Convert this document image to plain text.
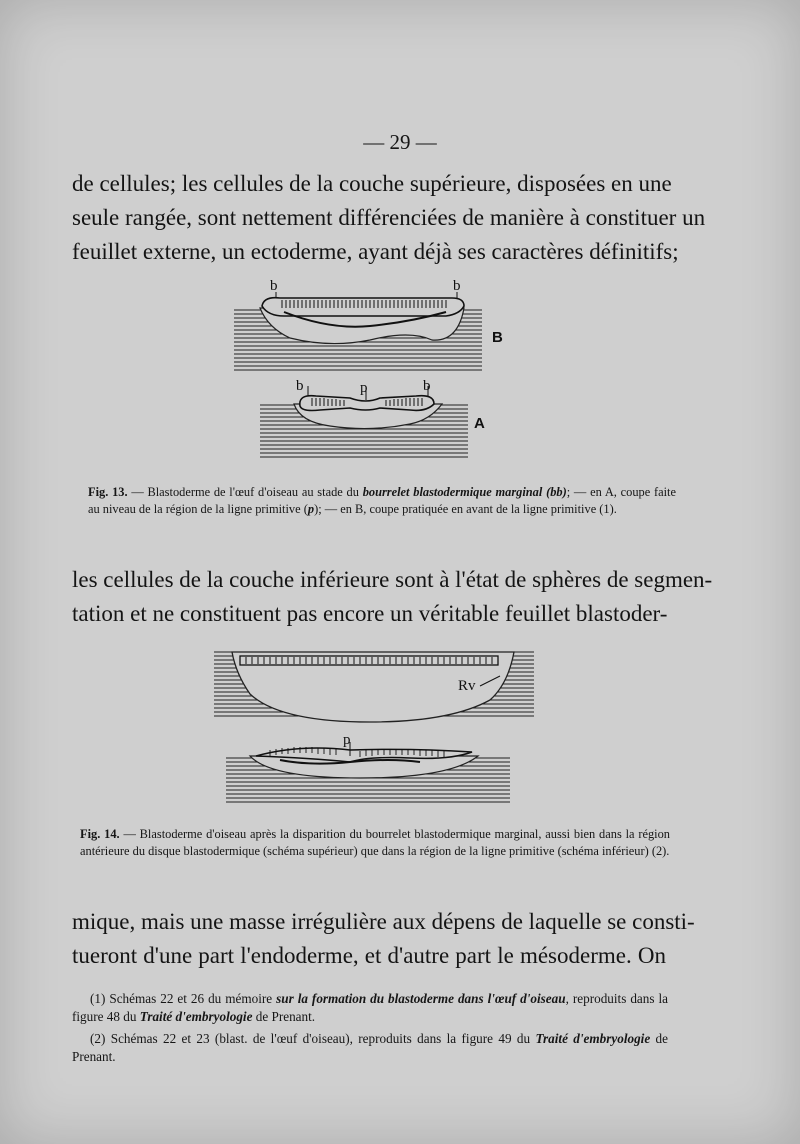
— 29 —
de cellules; les cellules de la couche supérieure, disposées en une
seule rangée, sont nettement différenciées de manière à constituer un
feuillet externe, un ectoderme, ayant déjà ses caractères définitifs;
b	b
B
b	p	b
A
Fig. 13. — Blastoderme de l'œuf d'oiseau au stade du bourrelet blastodermique marginal (bb); — en A, coupe faite au niveau de la région de la ligne primitive (p); — en B, coupe pratiquée en avant de la ligne primitive (1).
les cellules de la couche inférieure sont à l'état de sphères de segmen-
tation et ne constituent pas encore un véritable feuillet blastoder-
Rv
p
Fig. 14. — Blastoderme d'oiseau après la disparition du bourrelet blastodermique marginal, aussi bien dans la région antérieure du disque blastodermique (schéma supérieur) que dans la région de la ligne primitive (schéma inférieur) (2).
mique, mais une masse irrégulière aux dépens de laquelle se consti-
tueront d'une part l'endoderme, et d'autre part le mésoderme. On
(1) Schémas 22 et 26 du mémoire sur la formation du blastoderme dans l'œuf d'oiseau, reproduits dans la figure 48 du Traité d'embryologie de Prenant.
(2) Schémas 22 et 23 (blast. de l'œuf d'oiseau), reproduits dans la figure 49 du Traité d'embryologie de Prenant.
